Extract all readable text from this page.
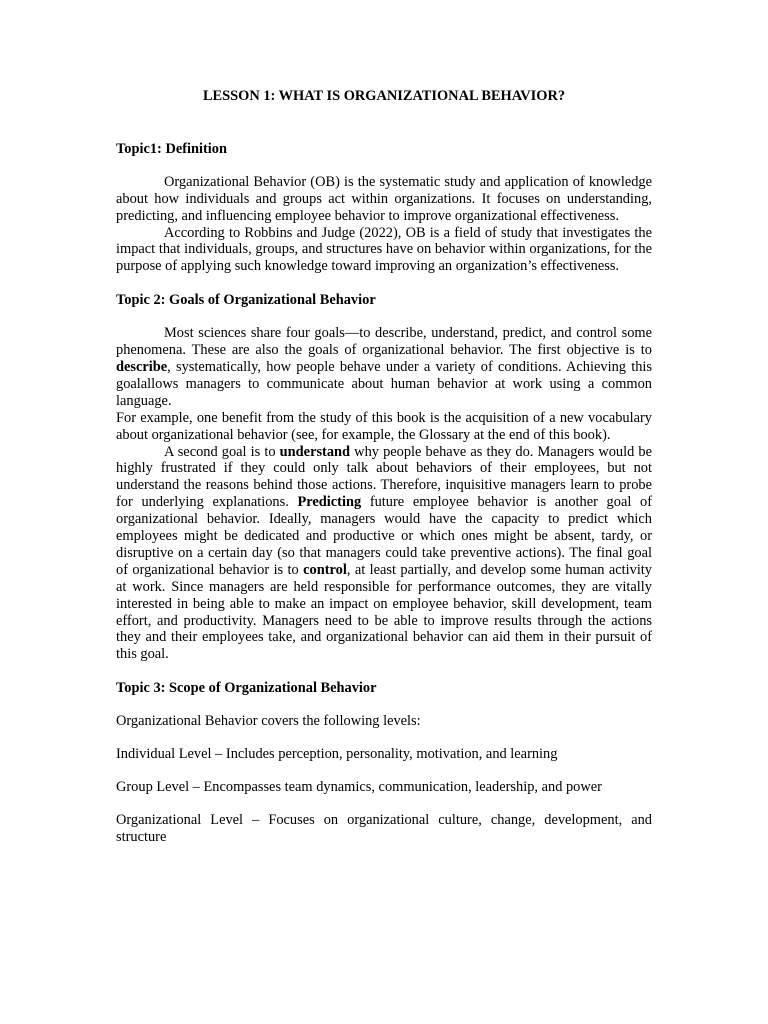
LESSON 1: WHAT IS ORGANIZATIONAL BEHAVIOR?
Topic1: Definition

Organizational Behavior (OB) is the systematic study and application of knowledge about how individuals and groups act within organizations. It focuses on understanding, predicting, and influencing employee behavior to improve organizational effectiveness.

According to Robbins and Judge (2022), OB is a field of study that investigates the impact that individuals, groups, and structures have on behavior within organizations, for the purpose of applying such knowledge toward improving an organization’s effectiveness.

Topic 2: Goals of Organizational Behavior

Most sciences share four goals—to describe, understand, predict, and control some phenomena. These are also the goals of organizational behavior. The first objective is to describe, systematically, how people behave under a variety of conditions. Achieving this goalallows managers to communicate about human behavior at work using a common language.

For example, one benefit from the study of this book is the acquisition of a new vocabulary about organizational behavior (see, for example, the Glossary at the end of this book).

A second goal is to understand why people behave as they do. Managers would be highly frustrated if they could only talk about behaviors of their employees, but not understand the reasons behind those actions. Therefore, inquisitive managers learn to probe for underlying explanations. Predicting future employee behavior is another goal of organizational behavior. Ideally, managers would have the capacity to predict which employees might be dedicated and productive or which ones might be absent, tardy, or disruptive on a certain day (so that managers could take preventive actions). The final goal of organizational behavior is to control, at least partially, and develop some human activity at work. Since managers are held responsible for performance outcomes, they are vitally interested in being able to make an impact on employee behavior, skill development, team effort, and productivity. Managers need to be able to improve results through the actions they and their employees take, and organizational behavior can aid them in their pursuit of this goal.

Topic 3: Scope of Organizational Behavior

Organizational Behavior covers the following levels:

Individual Level – Includes perception, personality, motivation, and learning
Group Level – Encompasses team dynamics, communication, leadership, and power
Organizational Level – Focuses on organizational culture, change, development, and structure
